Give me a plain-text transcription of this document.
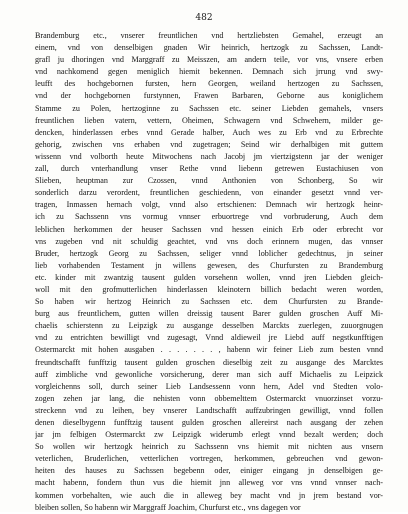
482
Brandemburg etc., vnserer freuntlichen vnd hertzliebsten Gemahel, erzeugt an
einem, vnd von denselbigen gnaden Wir heinrich, hertzogk zu Sachssen, Landt-
grafl ju dhoringen vnd Marggraff zu Meisszen, am andern teile, vor vns, vnsere erben
vnd nachkomend gegen meniglich hiemit bekennen. Demnach sich jrrung vnd swy-
leufft des hochgebornen fursten, hern Georgen, weiland hertzogen zu Sachssen,
vnd der hochgebornen furstynnen, Frawen Barbaren, Geborne aus koniglichem
Stamme zu Polen, hertzoginne zu Sachssen etc. seiner Liebden gemahels, vnsers
freuntlichen lieben vatern, vettern, Oheimen, Schwagern vnd Schwehern, milder ge-
dencken, hinderlassen erbes vnnd Gerade halber, Auch wes zu Erb vnd zu Erbrechte
gehorig, zwischen vns erhaben vnd zugetragen; Seind wir derhalbigen mit guttem
wissenn vnd volborth heute Mitwochens nach Jacobj jm viertzigstenn jar der weniger
zall, durch vnterhandlung vnser Rethe vnnd liebenn getrewen Eustachiusen von
Slieben, heuptman zur Czossen, vnnd Anthonien von Schonberg, So wir
sonderlich darzu verordent, freuntlichen geschiedenn, von einander gesetzt vnnd ver-
tragen, Inmassen hernach volgt, vnnd also ertschienen: Demnach wir hertzogk heinr-
ich zu Sachssenn vns vormug vnnser erbuortrege vnd vorbruderung, Auch dem
leblichen herkommen der heuser Sachssen vnd hessen einich Erb oder erbrecht vor
vns zugeben vnd nit schuldig geachtet, vnd vns doch erinnern mugen, das vnnser
Bruder, hertzogk Georg zu Sachssen, seliger vnnd loblicher gedechtnus, jn seiner
lieb vorhabenden Testament jn willens gewesen, des Churfursten zu Brandemburg
etc. kinder mit zwantzig tausent gulden vorsehenn wollen, vnnd jren Liebden gleich-
woll mit den grofmutterlichen hinderlassen kleinotern billich bedacht weren worden,
So haben wir hertzog Heinrich zu Sachssen etc. dem Churfursten zu Brande-
burg aus freuntlichem, gutten willen dreissig tausent Barer gulden groschen Auff Mi-
chaelis schierstenn zu Leipzigk zu ausgange desselben Marckts zuerlegen, zuuorgnugen
vnd zu entrichten bewilligt vnd zugesagt, Vnnd aldieweil jre Liebd auff negstkunfftigen
Ostermarckt mit hohen ausgaben . . . . . . . , habenn wir feiner Lieb zum besten vnnd
freundtschafft funfftzig tausent gulden groschen dieselbig zeit zu ausgange des Marcktes
auff zimbliche vnd gewonliche vorsicherung, derer man sich auff Michaelis zu Leipzick
vorgleichenns soll, durch seiner Lieb Landsessenn vonn hern, Adel vnd Stedten volo-
zogen zehen jar lang, die nehisten vonn obbemelttem Ostermarckt vnuorzinset vorzu-
streckenn vnd zu leihen, bey vnserer Landtschafft auffzubringen gewilligt, vnnd follen
denen dieselbygenn funfftzig tausent gulden groschen allereirst nach ausgang der zehen
jar jm felbigen Ostermarckt zw Leipzigk widerumb erlegt vnnd bezalt werden; doch
So wollen wir hertzogk heinrich zu Sachssenn vns hiemit mit nichten aus vnsern
veterlichen, Bruderlichen, vetterlichen vortregen, herkommen, gebreuchen vnd gewon-
heiten des hauses zu Sachssen begebenn oder, einiger eingang jn denselbigen ge-
macht habenn, fondern thun vus die hiemit jnn alleweg vor vns vnnd vnnser nach-
kommen vorbehalten, wie auch die in alleweg bey macht vnd jn jrem bestand vor-
bleiben sollen, So habenn wir Marggraff Joachim, Churfurst etc., vns dagegen vor
